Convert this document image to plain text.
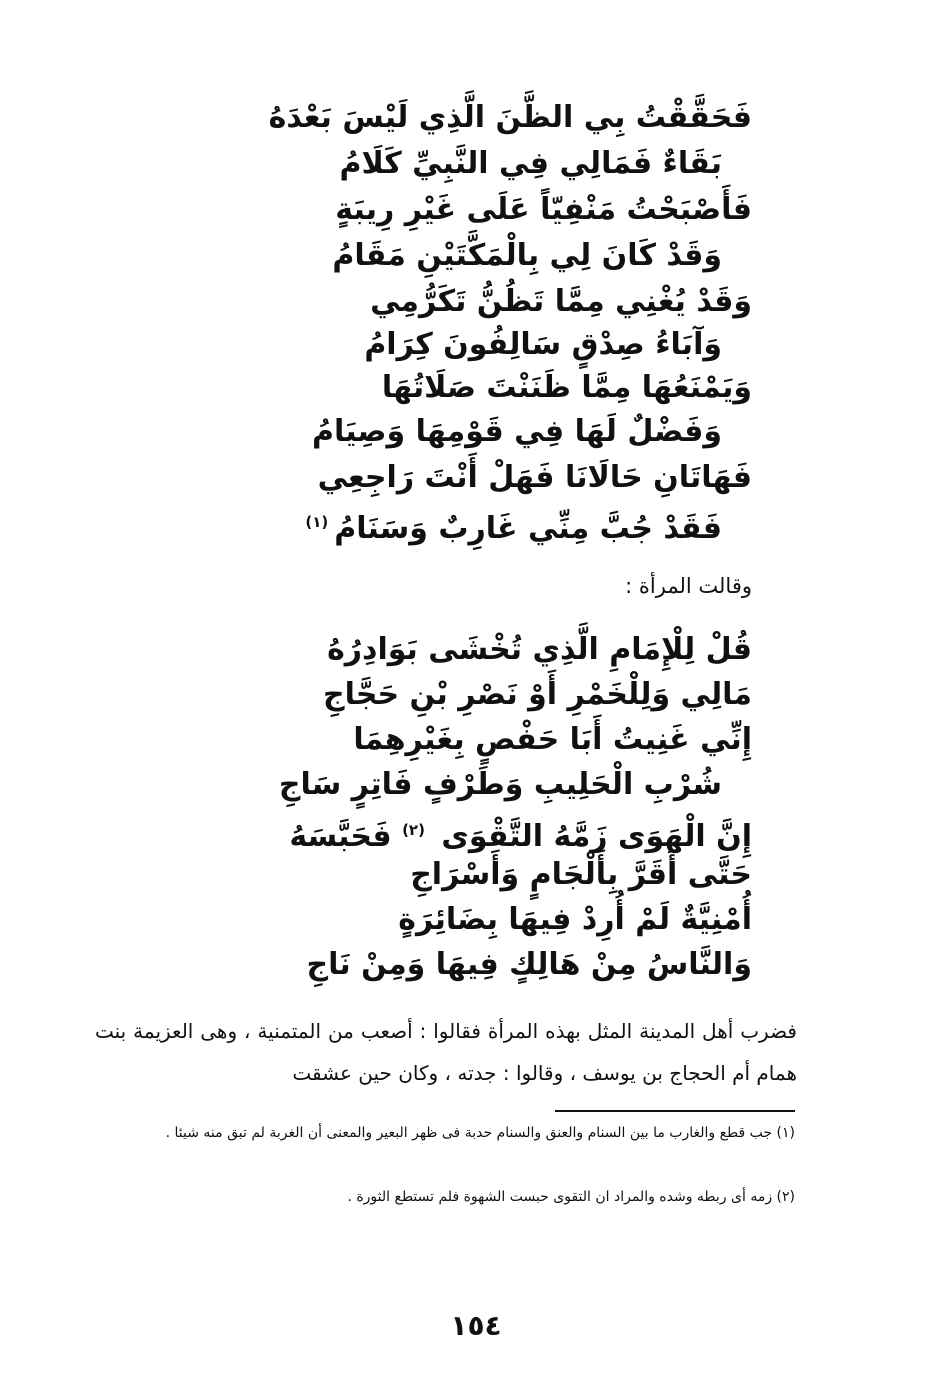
فَحَقَّقْتُ بِي الظَّنَ الَّذِي لَيْسَ بَعْدَهُ
بَقَاءٌ فَمَالِي فِي النَّبِيِّ كَلَامُ
فَأَصْبَحْتُ مَنْفِيّاً عَلَى غَيْرِ رِيبَةٍ
وَقَدْ كَانَ لِي بِالْمَكَّتَيْنِ مَقَامُ
وَقَدْ يُغْنِي مِمَّا تَظُنُّ تَكَرُّمِي
وَآبَاءُ صِدْقٍ سَالِفُونَ كِرَامُ
وَيَمْنَعُهَا مِمَّا ظَنَنْتَ صَلَاتُهَا
وَفَضْلٌ لَهَا فِي قَوْمِهَا وَصِيَامُ
فَهَاتَانِ حَالَانَا فَهَلْ أَنْتَ رَاجِعِي
فَقَدْ جُبَّ مِنِّي غَارِبٌ وَسَنَامُ$^{(١)}$
وقالت المرأة :
قُلْ لِلْإِمَامِ الَّذِي تُخْشَى بَوَادِرُهُ
مَالِي وَلِلْخَمْرِ أَوْ نَصْرِ بْنِ حَجَّاجِ
إِنِّي غَنِيتُ أَبَا حَفْصٍ بِغَيْرِهِمَا
شُرْبِ الْحَلِيبِ وَطَرْفٍ فَاتِرٍ سَاجِ
إِنَّ الْهَوَى زَمَّهُ التَّقْوَى $^{(٢)}$ فَحَبَّسَهُ
حَتَّى أَقَرَّ بِأَلْجَامٍ وَأَسْرَاجِ
أُمْنِيَّةٌ لَمْ أُرِدْ فِيهَا بِضَائِرَةٍ
وَالنَّاسُ مِنْ هَالِكٍ فِيهَا وَمِنْ نَاجِ
فضرب أهل المدينة المثل بهذه المرأة فقالوا : أصعب من المتمنية ، وهى العزيمة بنت همام أم الحجاج بن يوسف ، وقالوا : جدته ، وكان حين عشقت
(١) جب قطع والغارب ما بين السنام والعنق والسنام حدبة فى ظهر البعير والمعنى أن الغربة لم تبق منه شيئا .
(٢) زمه أى ربطه وشده والمراد ان التقوى حبست الشهوة فلم تستطع الثورة .
١٥٤
